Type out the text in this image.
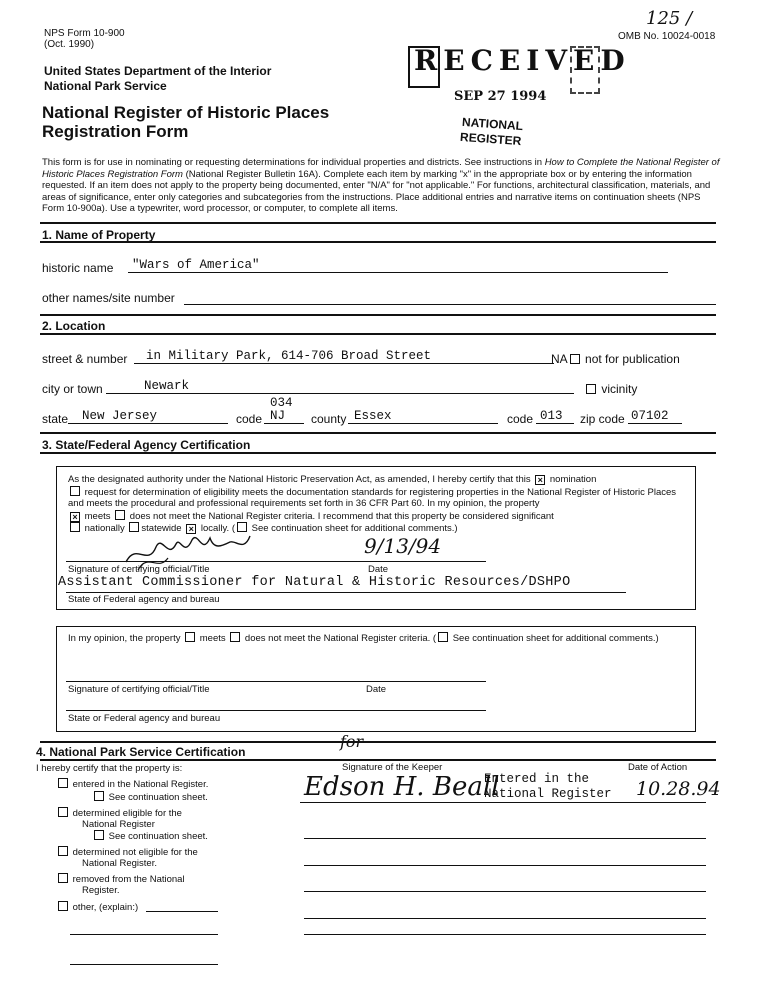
NPS Form 10-900
(Oct. 1990)
125 /
OMB No. 10024-0018
United States Department of the Interior
National Park Service
National Register of Historic Places
Registration Form
RECEIVED
SEP 27 1994
NATIONAL
REGISTER
This form is for use in nominating or requesting determinations for individual properties and districts. See instructions in How to Complete the National Register of Historic Places Registration Form (National Register Bulletin 16A). Complete each item by marking "x" in the appropriate box or by entering the information requested. If an item does not apply to the property being documented, enter "N/A" for "not applicable." For functions, architectural classification, materials, and areas of significance, enter only categories and subcategories from the instructions. Place additional entries and narrative items on continuation sheets (NPS Form 10-900a). Use a typewriter, word processor, or computer, to complete all items.
1. Name of Property
historic name "Wars of America"
other names/site number
2. Location
street & number in Military Park, 614-706 Broad Street	NA not for publication
city or town	Newark	vicinity
034
state New Jersey	code NJ county Essex	code 013 zip code 07102
3. State/Federal Agency Certification
As the designated authority under the National Historic Preservation Act, as amended, I hereby certify that this × nomination
request for determination of eligibility meets the documentation standards for registering properties in the National Register of Historic Places and meets the procedural and professional requirements set forth in 36 CFR Part 60. In my opinion, the property
× meets does not meet the National Register criteria. I recommend that this property be considered significant
nationally statewide × locally. ( See continuation sheet for additional comments.)
9/13/94
Signature of certifying official/Title	Date
Assistant Commissioner for Natural & Historic Resources/DSHPO
State of Federal agency and bureau
In my opinion, the property meets does not meet the National Register criteria. ( See continuation sheet for additional comments.)
Signature of certifying official/Title	Date
State or Federal agency and bureau
4. National Park Service Certification
for
I hereby certify that the property is:	Signature of the Keeper	Date of Action
Edson H. Beall
Entered in the
National Register 10.28.94
entered in the National Register.
See continuation sheet.
determined eligible for the
National Register
See continuation sheet.
determined not eligible for the
National Register.
removed from the National
Register.
other, (explain:)
